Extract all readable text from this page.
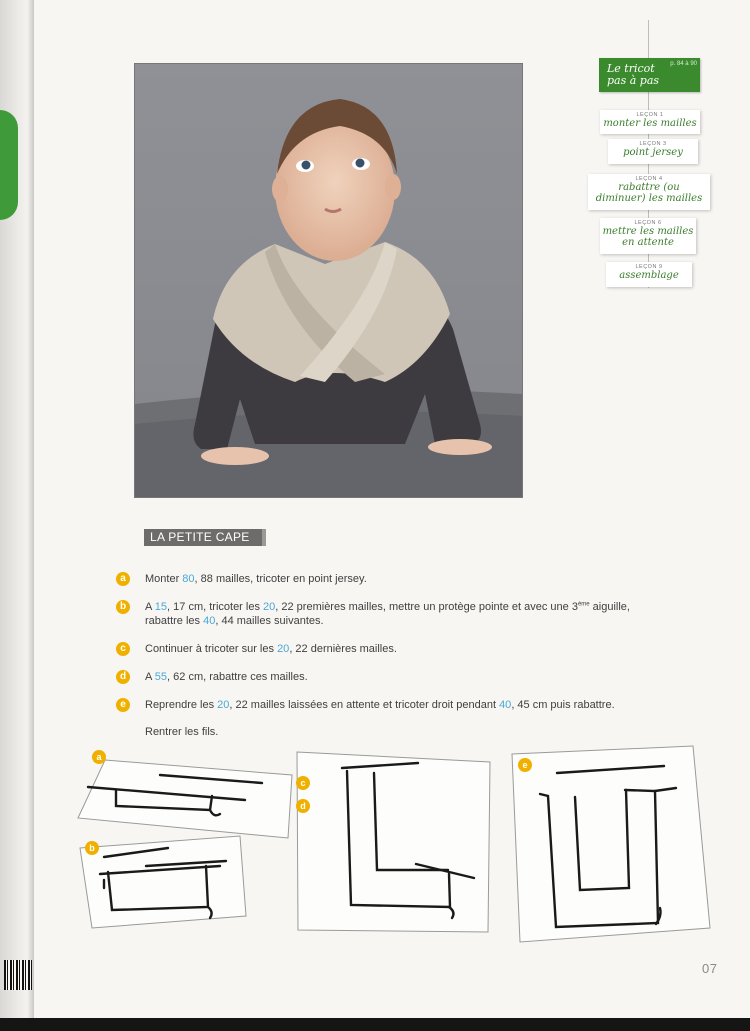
Le tricot pas à pas
p. 84 à 90
LEÇON 1
monter les mailles
LEÇON 3
point jersey
LEÇON 4
rabattre (ou diminuer) les mailles
LEÇON 6
mettre les mailles en attente
LEÇON 9
assemblage
LA PETITE CAPE
a	Monter 80, 88 mailles, tricoter en point jersey.
b	A 15, 17 cm, tricoter les 20, 22 premières mailles, mettre un protège pointe et avec une 3ème aiguille,
rabattre les 40, 44 mailles suivantes.
c	Continuer à tricoter sur les 20, 22 dernières mailles.
d	A 55, 62 cm, rabattre ces mailles.
e	Reprendre les 20, 22 mailles laissées en attente et tricoter droit pendant 40, 45 cm puis rabattre.
Rentrer les fils.
a
b
c
d
e
07
